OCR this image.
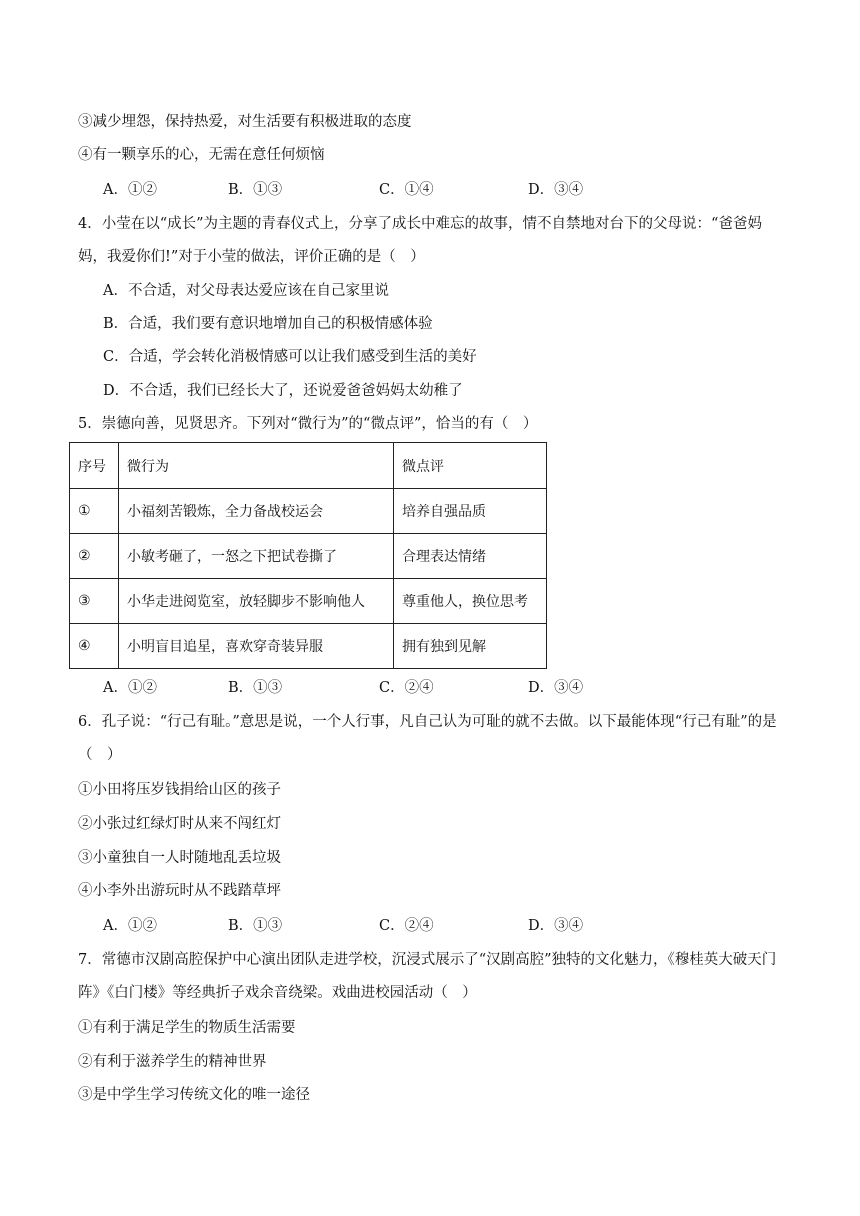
③减少埋怨，保持热爱，对生活要有积极进取的态度
④有一颗享乐的心，无需在意任何烦恼
A．①②	B．①③	C．①④	D．③④
4．小莹在以“成长”为主题的青春仪式上，分享了成长中难忘的故事，情不自禁地对台下的父母说：“爸爸妈妈，我爱你们!”对于小莹的做法，评价正确的是（　）
A．不合适，对父母表达爱应该在自己家里说
B．合适，我们要有意识地增加自己的积极情感体验
C．合适，学会转化消极情感可以让我们感受到生活的美好
D．不合适，我们已经长大了，还说爱爸爸妈妈太幼稚了
5．崇德向善，见贤思齐。下列对“微行为”的“微点评”，恰当的有（　）
序号	微行为	微点评
①	小福刻苦锻炼，全力备战校运会	培养自强品质
②	小敏考砸了，一怒之下把试卷撕了	合理表达情绪
③	小华走进阅览室，放轻脚步不影响他人	尊重他人，换位思考
④	小明盲目追星，喜欢穿奇装异服	拥有独到见解
A．①②	B．①③	C．②④	D．③④
6．孔子说：“行己有耻。”意思是说，一个人行事，凡自己认为可耻的就不去做。以下最能体现“行己有耻”的是（　）
①小田将压岁钱捐给山区的孩子
②小张过红绿灯时从来不闯红灯
③小童独自一人时随地乱丢垃圾
④小李外出游玩时从不践踏草坪
A．①②	B．①③	C．②④	D．③④
7．常德市汉剧高腔保护中心演出团队走进学校，沉浸式展示了“汉剧高腔”独特的文化魅力，《穆桂英大破天门阵》《白门楼》等经典折子戏余音绕梁。戏曲进校园活动（　）
①有利于满足学生的物质生活需要
②有利于滋养学生的精神世界
③是中学生学习传统文化的唯一途径
